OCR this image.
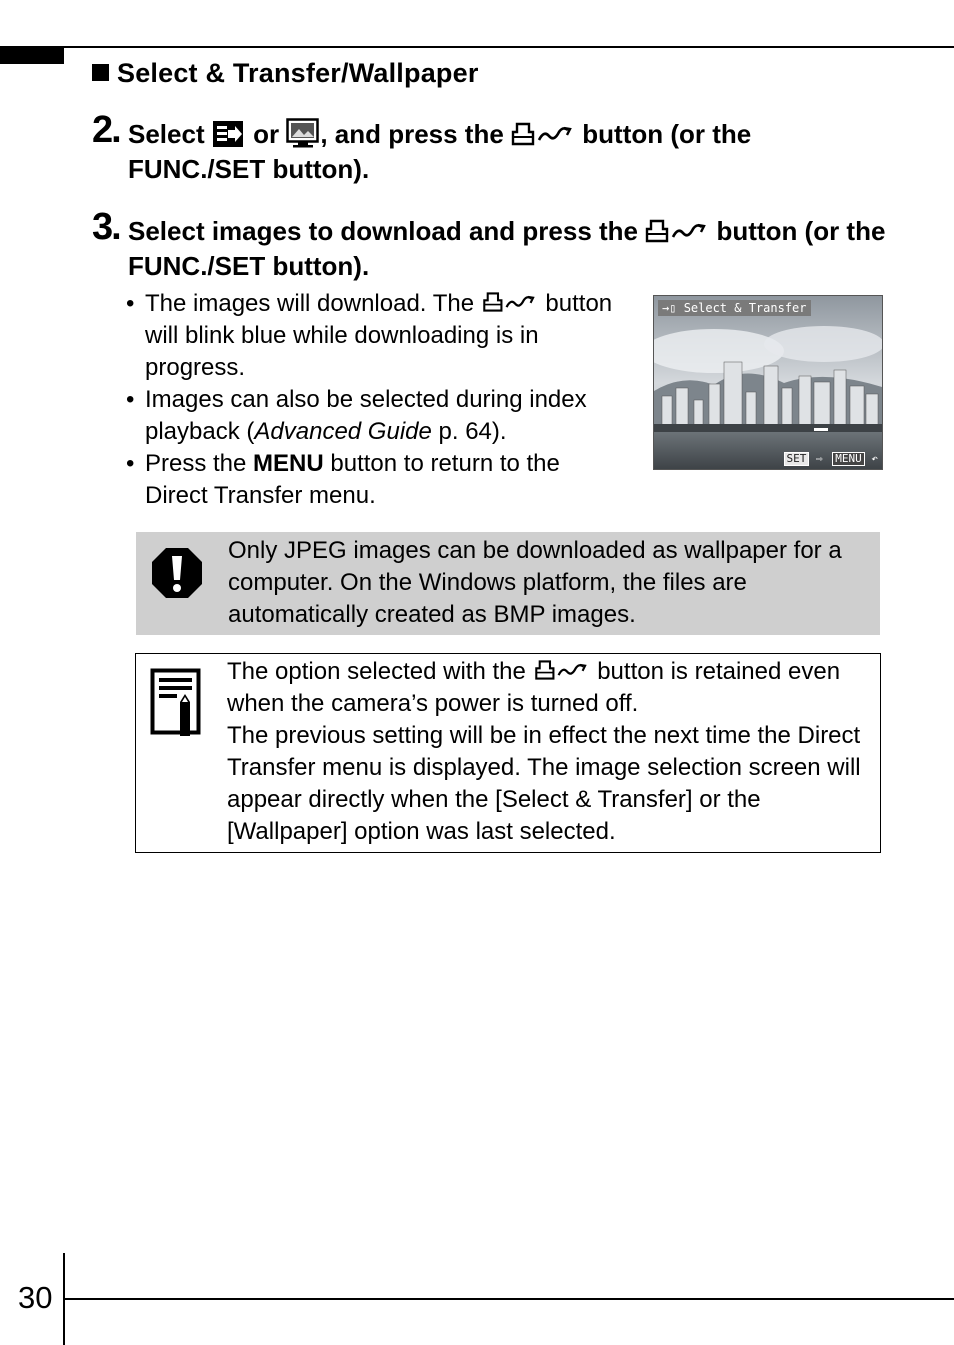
Select & Transfer/Wallpaper
2. Select or , and press the	button (or the FUNC./SET button).
3. Select images to download and press the	button (or the FUNC./SET button).
• The images will download. The	button will blink blue while downloading is in progress.
• Images can also be selected during index playback (Advanced Guide p. 64).
• Press the MENU button to return to the Direct Transfer menu.
→▯ Select & Transfer
SET ⇨ MENU ↶
Only JPEG images can be downloaded as wallpaper for a computer. On the Windows platform, the files are automatically created as BMP images.
The option selected with the	button is retained even when the camera’s power is turned off.
The previous setting will be in effect the next time the Direct Transfer menu is displayed. The image selection screen will appear directly when the [Select & Transfer] or the [Wallpaper] option was last selected.
30
